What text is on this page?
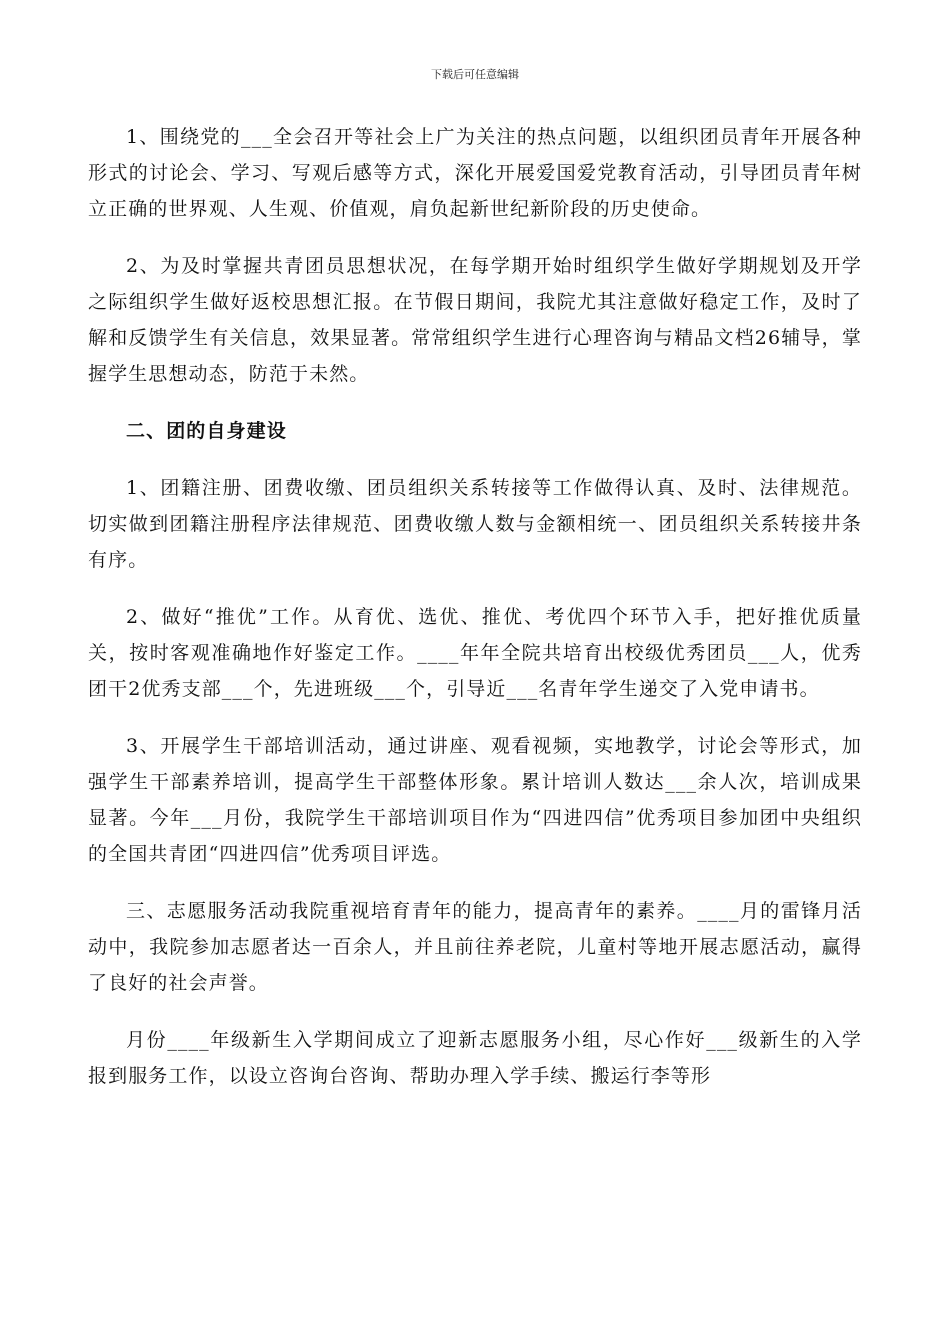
下载后可任意编辑

1、围绕党的___全会召开等社会上广为关注的热点问题，以组织团员青年开展各种形式的讨论会、学习、写观后感等方式，深化开展爱国爱党教育活动，引导团员青年树立正确的世界观、人生观、价值观，肩负起新世纪新阶段的历史使命。

2、为及时掌握共青团员思想状况，在每学期开始时组织学生做好学期规划及开学之际组织学生做好返校思想汇报。在节假日期间，我院尤其注意做好稳定工作，及时了解和反馈学生有关信息，效果显著。常常组织学生进行心理咨询与精品文档26辅导，掌握学生思想动态，防范于未然。

二、团的自身建设

1、团籍注册、团费收缴、团员组织关系转接等工作做得认真、及时、法律规范。切实做到团籍注册程序法律规范、团费收缴人数与金额相统一、团员组织关系转接井条有序。

2、做好“推优”工作。从育优、选优、推优、考优四个环节入手，把好推优质量关，按时客观准确地作好鉴定工作。____年年全院共培育出校级优秀团员___人，优秀团干2优秀支部___个，先进班级___个，引导近___名青年学生递交了入党申请书。

3、开展学生干部培训活动，通过讲座、观看视频，实地教学，讨论会等形式，加强学生干部素养培训，提高学生干部整体形象。累计培训人数达___余人次，培训成果显著。今年___月份，我院学生干部培训项目作为“四进四信”优秀项目参加团中央组织的全国共青团“四进四信”优秀项目评选。

三、志愿服务活动我院重视培育青年的能力，提高青年的素养。____月的雷锋月活动中，我院参加志愿者达一百余人，并且前往养老院，儿童村等地开展志愿活动，赢得了良好的社会声誉。

月份____年级新生入学期间成立了迎新志愿服务小组，尽心作好___级新生的入学报到服务工作，以设立咨询台咨询、帮助办理入学手续、搬运行李等形
